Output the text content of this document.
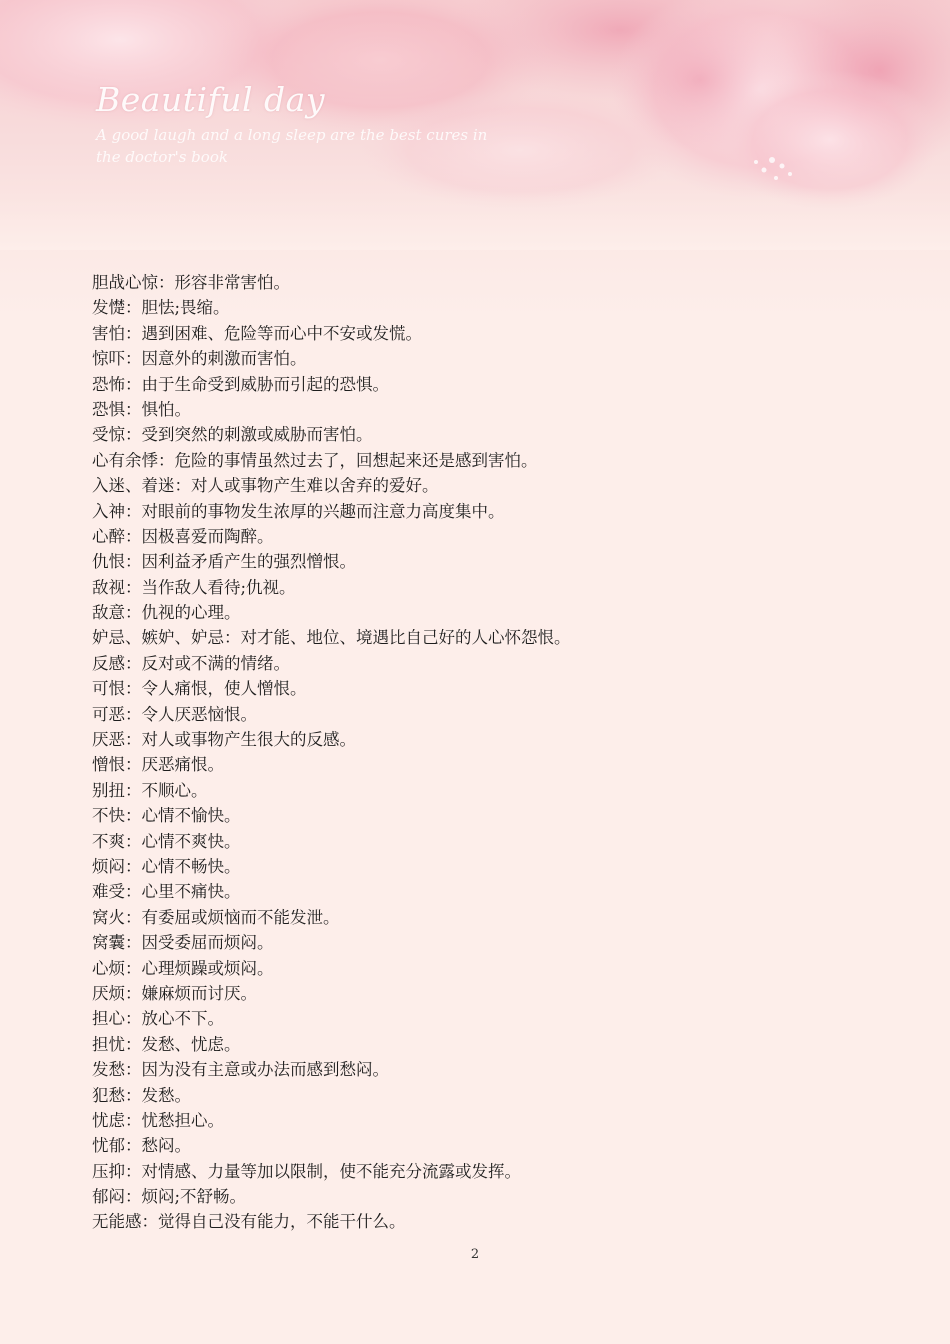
Beautiful day

A good laugh and a long sleep are the best cures in the doctor's book

胆战心惊：形容非常害怕。
发憷：胆怯;畏缩。
害怕：遇到困难、危险等而心中不安或发慌。
惊吓：因意外的刺激而害怕。
恐怖：由于生命受到威胁而引起的恐惧。
恐惧：惧怕。
受惊：受到突然的刺激或威胁而害怕。
心有余悸：危险的事情虽然过去了，回想起来还是感到害怕。
入迷、着迷：对人或事物产生难以舍弃的爱好。
入神：对眼前的事物发生浓厚的兴趣而注意力高度集中。
心醉：因极喜爱而陶醉。
仇恨：因利益矛盾产生的强烈憎恨。
敌视：当作敌人看待;仇视。
敌意：仇视的心理。
妒忌、嫉妒、妒忌：对才能、地位、境遇比自己好的人心怀怨恨。
反感：反对或不满的情绪。
可恨：令人痛恨，使人憎恨。
可恶：令人厌恶恼恨。
厌恶：对人或事物产生很大的反感。
憎恨：厌恶痛恨。
别扭：不顺心。
不快：心情不愉快。
不爽：心情不爽快。
烦闷：心情不畅快。
难受：心里不痛快。
窝火：有委屈或烦恼而不能发泄。
窝囊：因受委屈而烦闷。
心烦：心理烦躁或烦闷。
厌烦：嫌麻烦而讨厌。
担心：放心不下。
担忧：发愁、忧虑。
发愁：因为没有主意或办法而感到愁闷。
犯愁：发愁。
忧虑：忧愁担心。
忧郁：愁闷。
压抑：对情感、力量等加以限制，使不能充分流露或发挥。
郁闷：烦闷;不舒畅。
无能感：觉得自己没有能力，不能干什么。
2
